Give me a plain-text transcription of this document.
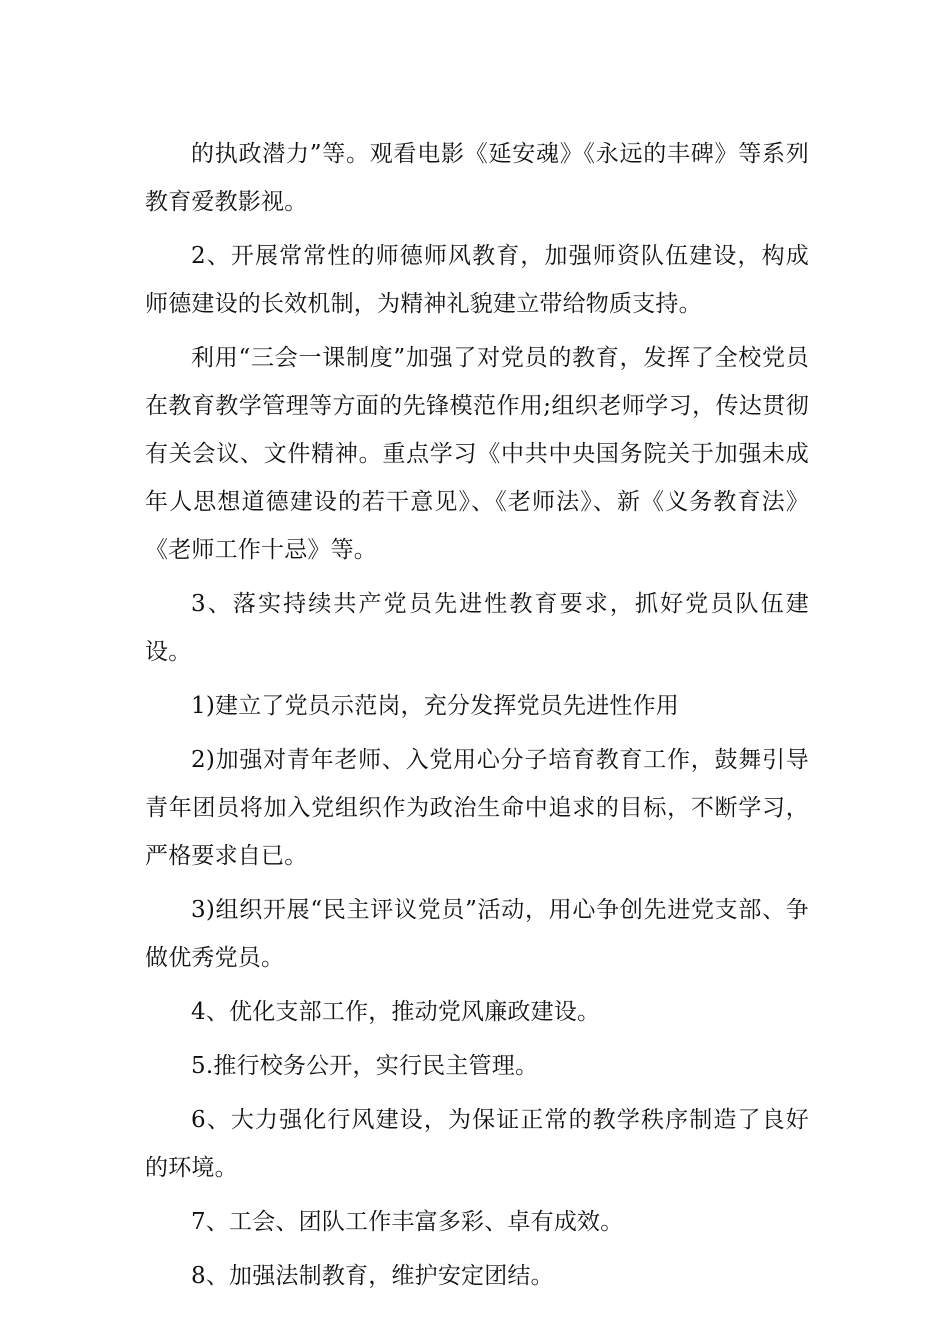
的执政潜力”等。观看电影《延安魂》《永远的丰碑》等系列教育爱教影视。

2、开展常常性的师德师风教育，加强师资队伍建设，构成师德建设的长效机制，为精神礼貌建立带给物质支持。

利用“三会一课制度”加强了对党员的教育，发挥了全校党员在教育教学管理等方面的先锋模范作用;组织老师学习，传达贯彻有关会议、文件精神。重点学习《中共中央国务院关于加强未成年人思想道德建设的若干意见》、《老师法》、新《义务教育法》《老师工作十忌》等。

3、落实持续共产党员先进性教育要求，抓好党员队伍建设。

1)建立了党员示范岗，充分发挥党员先进性作用

2)加强对青年老师、入党用心分子培育教育工作，鼓舞引导青年团员将加入党组织作为政治生命中追求的目标，不断学习，严格要求自已。

3)组织开展“民主评议党员”活动，用心争创先进党支部、争做优秀党员。

4、优化支部工作，推动党风廉政建设。

5.推行校务公开，实行民主管理。

6、大力强化行风建设，为保证正常的教学秩序制造了良好的环境。

7、工会、团队工作丰富多彩、卓有成效。

8、加强法制教育，维护安定团结。
